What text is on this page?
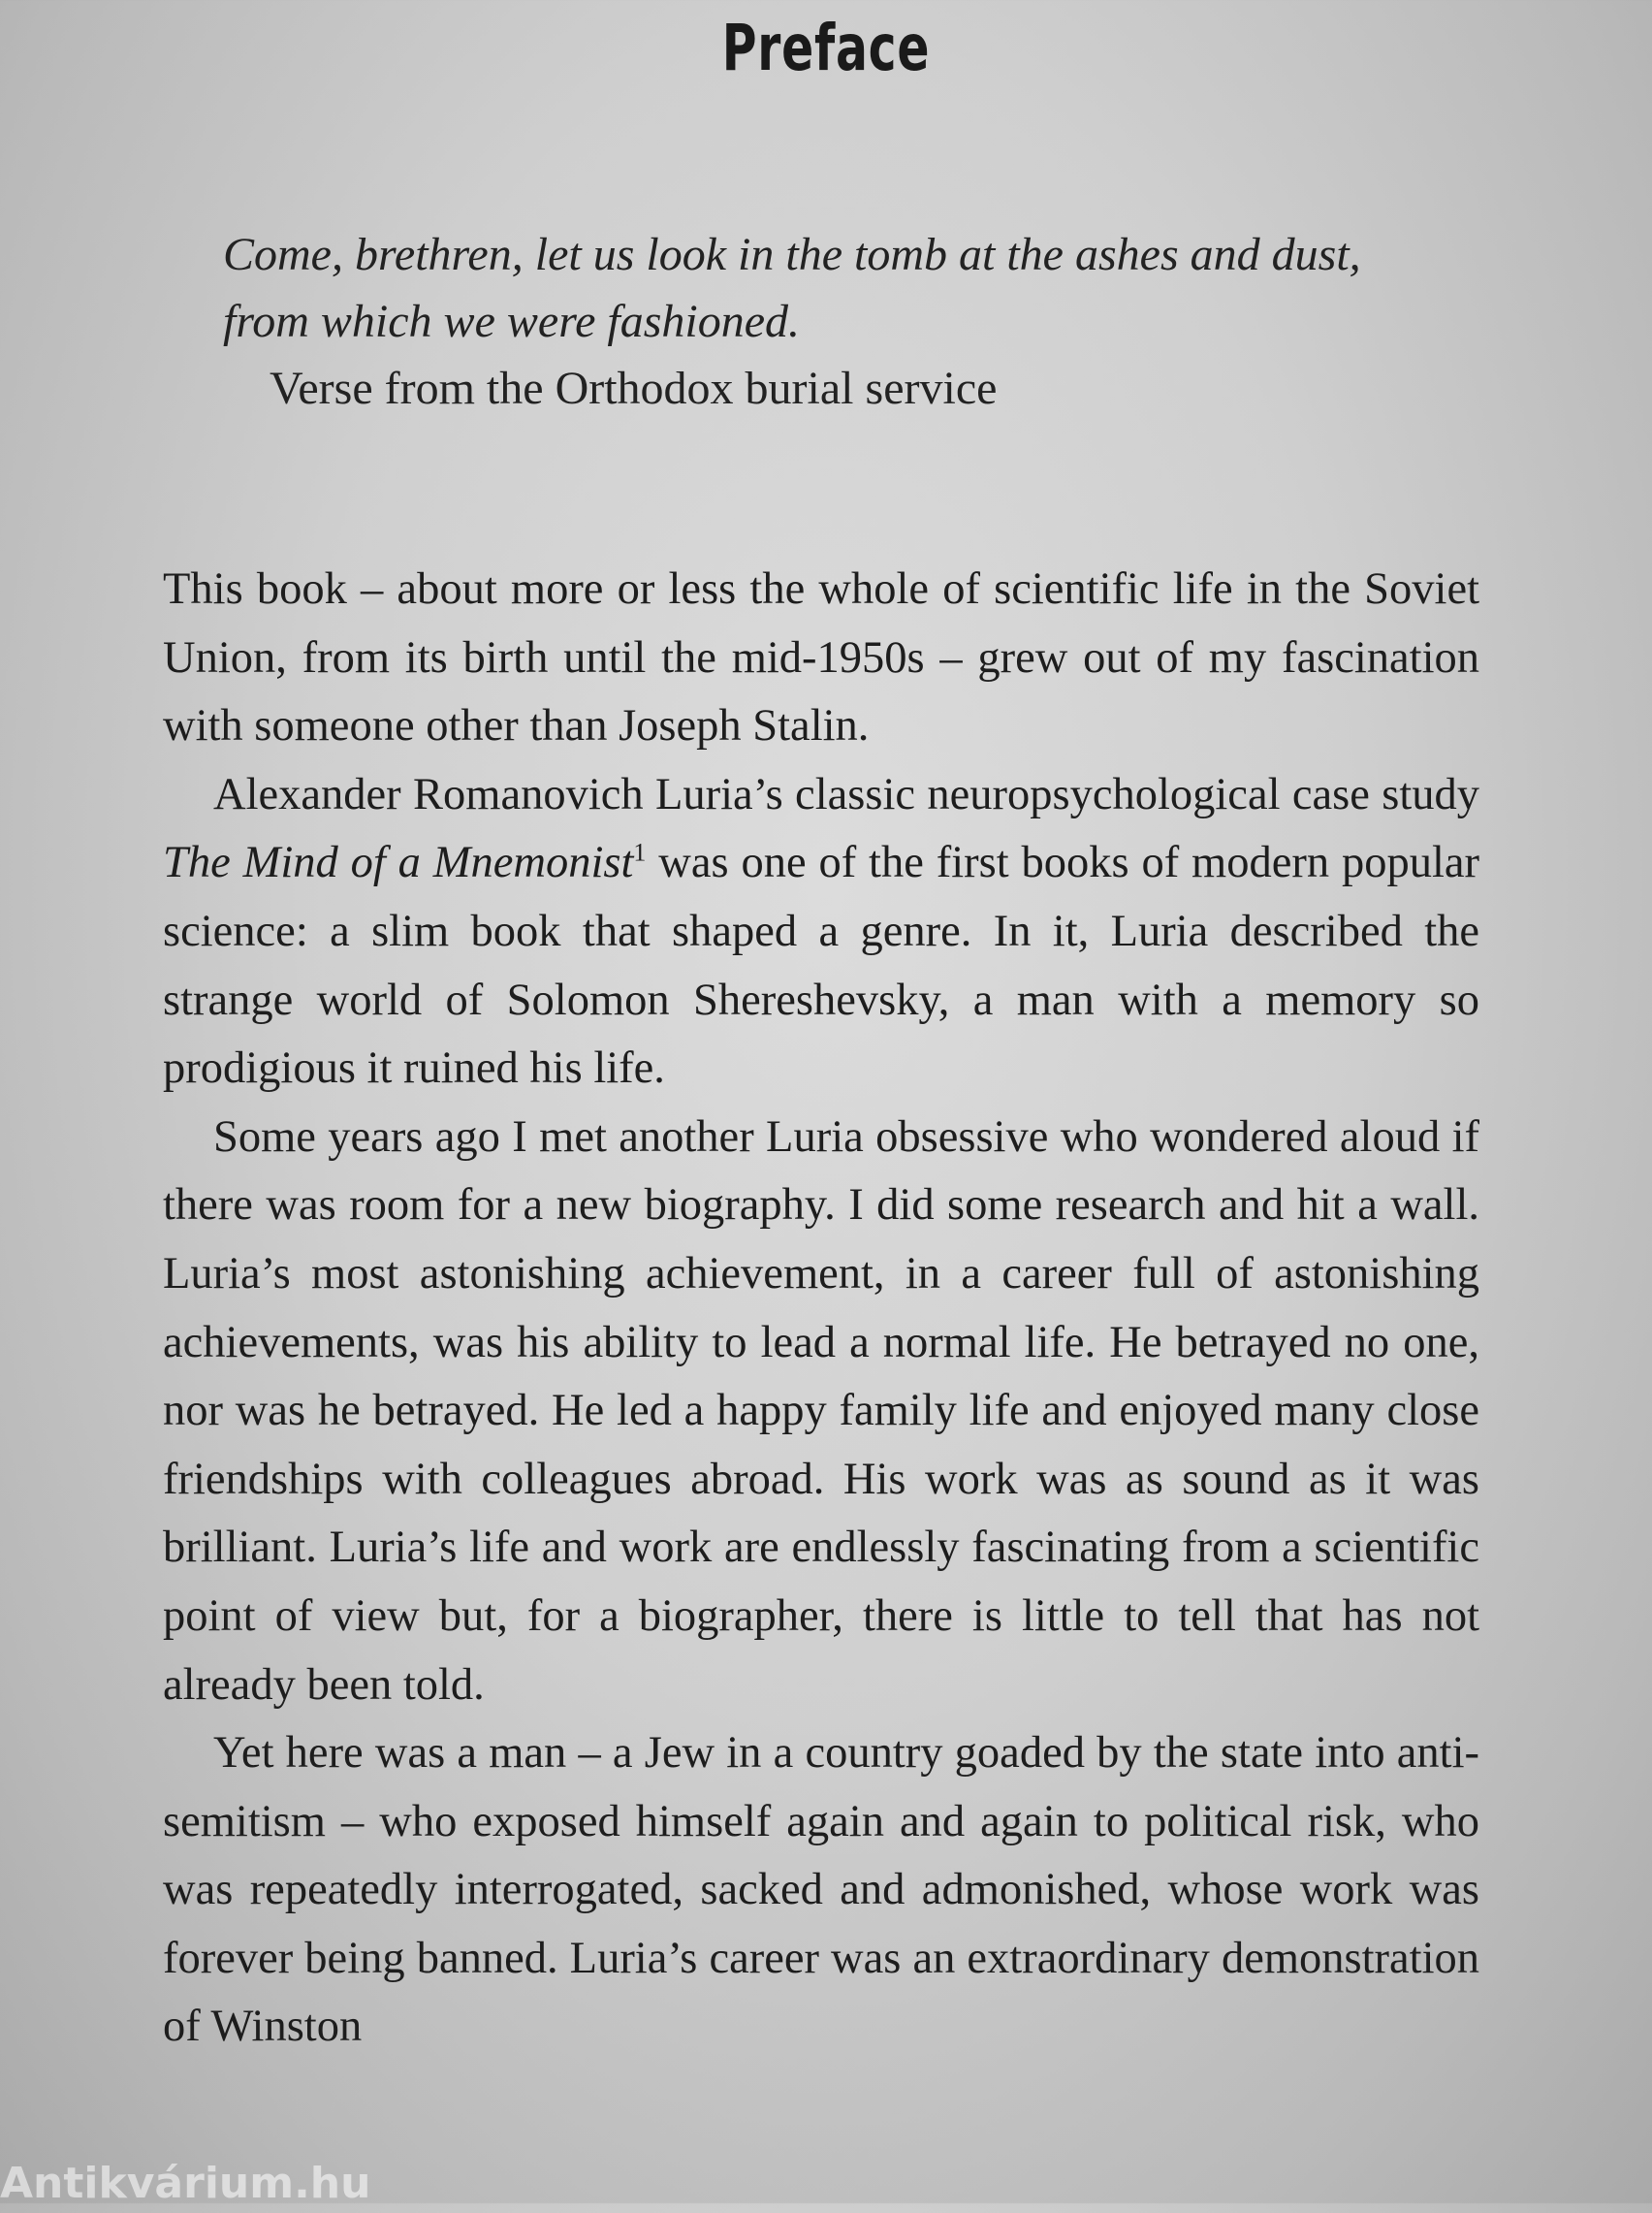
Preface

Come, brethren, let us look in the tomb at the ashes and dust, from which we were fashioned.

Verse from the Orthodox burial service

This book – about more or less the whole of scientific life in the Soviet Union, from its birth until the mid-1950s – grew out of my fascination with someone other than Joseph Stalin.

Alexander Romanovich Luria’s classic neuropsychological case study The Mind of a Mnemonist$^1$ was one of the first books of modern popular science: a slim book that shaped a genre. In it, Luria described the strange world of Solomon Shereshevsky, a man with a memory so prodigious it ruined his life.

Some years ago I met another Luria obsessive who wondered aloud if there was room for a new biography. I did some research and hit a wall. Luria’s most astonishing achievement, in a career full of astonishing achievements, was his ability to lead a normal life. He betrayed no one, nor was he betrayed. He led a happy family life and enjoyed many close friendships with colleagues abroad. His work was as sound as it was brilliant. Luria’s life and work are endlessly fascinating from a scientific point of view but, for a biographer, there is little to tell that has not already been told.

Yet here was a man – a Jew in a country goaded by the state into anti-semitism – who exposed himself again and again to political risk, who was repeatedly interrogated, sacked and admonished, whose work was forever being banned. Luria’s career was an extraordinary demonstration of Winston

Antikvárium.hu
